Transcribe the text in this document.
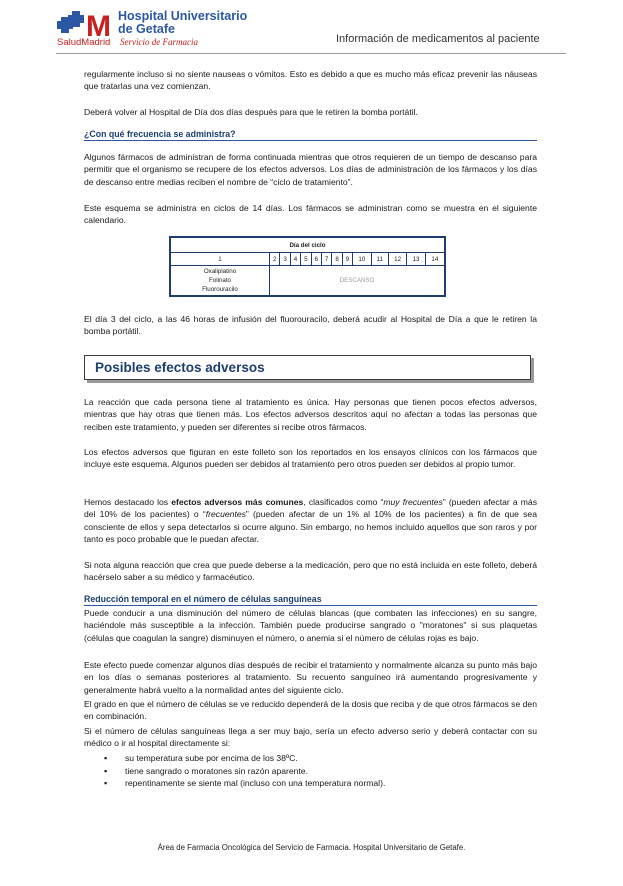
M Hospital Universitario de Getafe
SaludMadrid Servicio de Farmacia	Información de medicamentos al paciente

regularmente incluso si no siente nauseas o vómitos. Esto es debido a que es mucho más eficaz prevenir las náuseas que tratarlas una vez comienzan.

Deberá volver al Hospital de Día dos días después para que le retiren la bomba portátil.

¿Con qué frecuencia se administra?

Algunos fármacos de administran de forma continuada mientras que otros requieren de un tiempo de descanso para permitir que el organismo se recupere de los efectos adversos. Los días de administración de los fármacos y los días de descanso entre medias reciben el nombre de “ciclo de tratamiento”.

Este esquema se administra en ciclos de 14 días. Los fármacos se administran como se muestra en el siguiente calendario.

Día del ciclo													
1	2	3	4	5	6	7	8	9	10	11	12	13	14

Oxaliplatino
Folinato
Fluorouracilo	DESCANSO												

El día 3 del ciclo, a las 46 horas de infusión del fluorouracilo, deberá acudir al Hospital de Día a que le retiren la bomba portátil.

Posibles efectos adversos

La reacción que cada persona tiene al tratamiento es única. Hay personas que tienen pocos efectos adversos, mientras que hay otras que tienen más. Los efectos adversos descritos aquí no afectan a todas las personas que reciben este tratamiento, y pueden ser diferentes si recibe otros fármacos.

Los efectos adversos que figuran en este folleto son los reportados en los ensayos clínicos con los fármacos que incluye este esquema. Algunos pueden ser debidos al tratamiento pero otros pueden ser debidos al propio tumor.

Hemos destacado los efectos adversos más comunes, clasificados como “muy frecuentes” (pueden afectar a más del 10% de los pacientes) o “frecuentes” (pueden afectar de un 1% al 10% de los pacientes) a fin de que sea consciente de ellos y sepa detectarlos si ocurre alguno. Sin embargo, no hemos incluido aquellos que son raros y por tanto es poco probable que le puedan afectar.

Si nota alguna reacción que crea que puede deberse a la medicación, pero que no está incluida en este folleto, deberá hacérselo saber a su médico y farmacéutico.

Reducción temporal en el número de células sanguíneas

Puede conducir a una disminución del número de células blancas (que combaten las infecciones) en su sangre, haciéndole más susceptible a la infección. También puede producirse sangrado o "moratones" si sus plaquetas (células que coagulan la sangre) disminuyen el número, o anemia si el número de células rojas es bajo.

Este efecto puede comenzar algunos días después de recibir el tratamiento y normalmente alcanza su punto más bajo en los días o semanas posteriores al tratamiento. Su recuento sanguíneo irá aumentando progresivamente y generalmente habrá vuelto a la normalidad antes del siguiente ciclo.

El grado en que el número de células se ve reducido dependerá de la dosis que reciba y de que otros fármacos se den en combinación.

Si el número de células sanguíneas llega a ser muy bajo, sería un efecto adverso serio y deberá contactar con su médico o ir al hospital directamente si:

▪ su temperatura sube por encima de los 38ºC.
▪ tiene sangrado o moratones sin razón aparente.
▪ repentinamente se siente mal (incluso con una temperatura normal).
Área de Farmacia Oncológica del Servicio de Farmacia. Hospital Universitario de Getafe.
